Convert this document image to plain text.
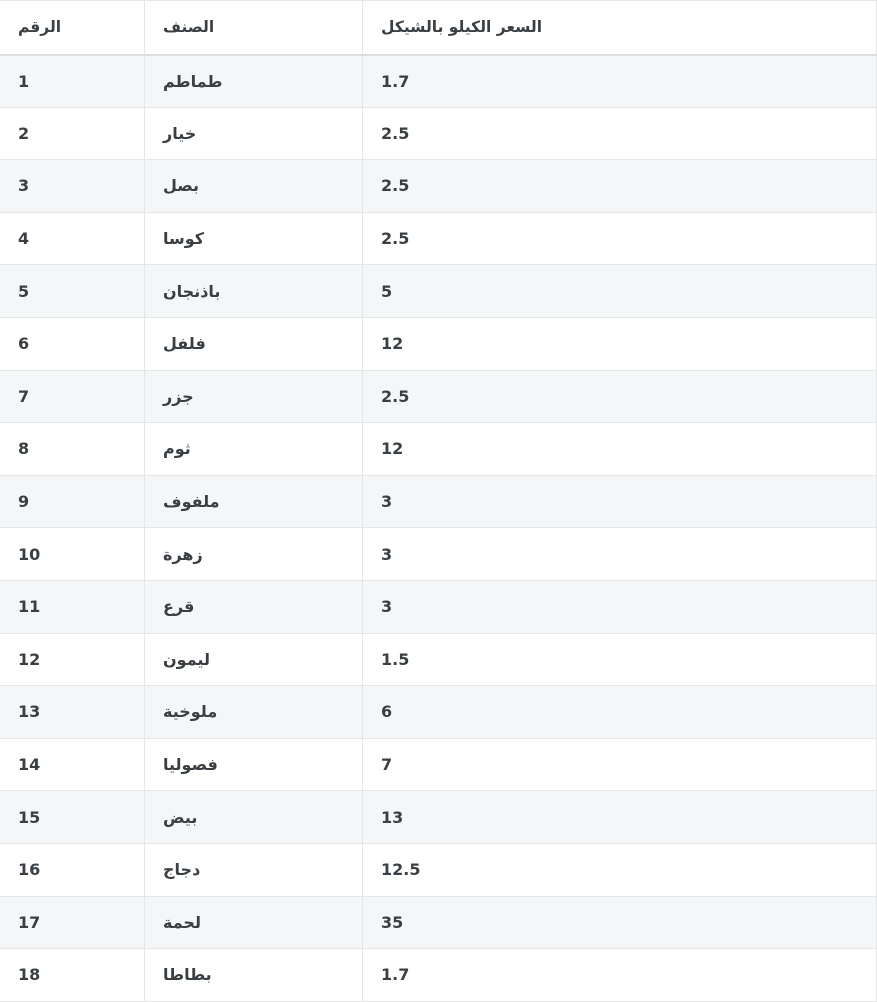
السعر الكيلو بالشيكل	الصنف	الرقم
1.7	طماطم	1
2.5	خيار	2
2.5	بصل	3
2.5	كوسا	4
5	باذنجان	5
12	فلفل	6
2.5	جزر	7
12	ثوم	8
3	ملفوف	9
3	زهرة	10
3	قرع	11
1.5	ليمون	12
6	ملوخية	13
7	فصوليا	14
13	بيض	15
12.5	دجاج	16
35	لحمة	17
1.7	بطاطا	18
